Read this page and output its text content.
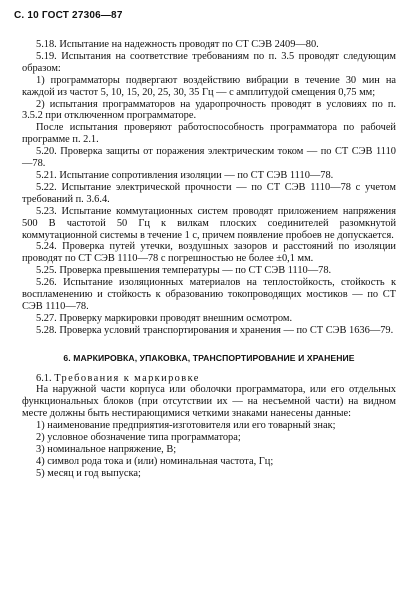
С. 10 ГОСТ 27306—87

5.18. Испытание на надежность проводят по СТ СЭВ 2409—80.

5.19. Испытания на соответствие требованиям по п. 3.5 проводят следующим образом:

1) программаторы подвергают воздействию вибрации в течение 30 мин на каждой из частот 5, 10, 15, 20, 25, 30, 35 Гц — с амплитудой смещения 0,75 мм;

2) испытания программаторов на ударопрочность проводят в условиях по п. 3.5.2 при отключенном программаторе.

После испытания проверяют работоспособность программатора по рабочей программе п. 2.1.

5.20. Проверка защиты от поражения электрическим током — по СТ СЭВ 1110—78.

5.21. Испытание сопротивления изоляции — по СТ СЭВ 1110—78.

5.22. Испытание электрической прочности — по СТ СЭВ 1110—78 с учетом требований п. 3.6.4.

5.23. Испытание коммутационных систем проводят приложением напряжения 500 В частотой 50 Гц к вилкам плоских соединителей разомкнутой коммутационной системы в течение 1 с, причем появление пробоев не допускается.

5.24. Проверка путей утечки, воздушных зазоров и расстояний по изоляции проводят по СТ СЭВ 1110—78 с погрешностью не более ±0,1 мм.

5.25. Проверка превышения температуры — по СТ СЭВ 1110—78.

5.26. Испытание изоляционных материалов на теплостойкость, стойкость к воспламенению и стойкость к образованию токопроводящих мостиков — по СТ СЭВ 1110—78.

5.27. Проверку маркировки проводят внешним осмотром.

5.28. Проверка условий транспортирования и хранения — по СТ СЭВ 1636—79.

6. МАРКИРОВКА, УПАКОВКА, ТРАНСПОРТИРОВАНИЕ И ХРАНЕНИЕ

6.1. Требования к маркировке

На наружной части корпуса или оболочки программатора, или его отдельных функциональных блоков (при отсутствии их — на несъемной части) на видном месте должны быть нестирающимися четкими знаками нанесены данные:

1) наименование предприятия-изготовителя или его товарный знак;

2) условное обозначение типа программатора;

3) номинальное напряжение, В;

4) символ рода тока и (или) номинальная частота, Гц;

5) месяц и год выпуска;
